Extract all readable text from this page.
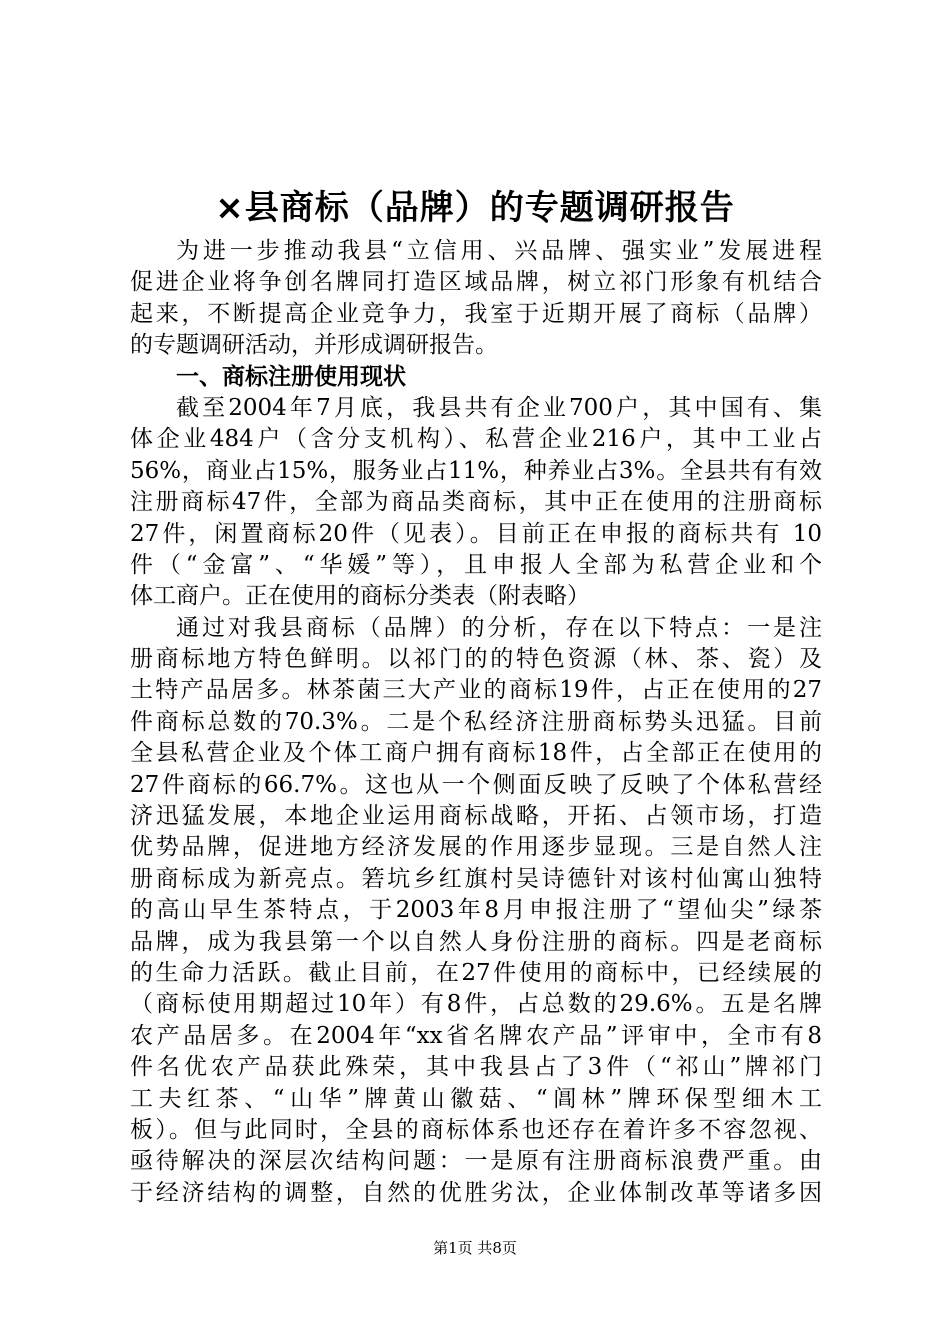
×县商标（品牌）的专题调研报告
为进一步推动我县“立信用、兴品牌、强实业”发展进程
促进企业将争创名牌同打造区域品牌，树立祁门形象有机结合
起来，不断提高企业竞争力，我室于近期开展了商标（品牌）
的专题调研活动，并形成调研报告。
一、商标注册使用现状
截至2004年7月底，我县共有企业700户，其中国有、集
体企业484户（含分支机构）、私营企业216户，其中工业占
56%，商业占15%，服务业占11%，种养业占3%。全县共有有效
注册商标47件，全部为商品类商标，其中正在使用的注册商标
27件，闲置商标20件（见表）。目前正在申报的商标共有 10
件（“金富”、“华媛”等），且申报人全部为私营企业和个
体工商户。正在使用的商标分类表（附表略）
通过对我县商标（品牌）的分析，存在以下特点：一是注
册商标地方特色鲜明。以祁门的的特色资源（林、茶、瓷）及
土特产品居多。林茶菌三大产业的商标19件，占正在使用的27
件商标总数的70.3%。二是个私经济注册商标势头迅猛。目前
全县私营企业及个体工商户拥有商标18件，占全部正在使用的
27件商标的66.7%。这也从一个侧面反映了反映了个体私营经
济迅猛发展，本地企业运用商标战略，开拓、占领市场，打造
优势品牌，促进地方经济发展的作用逐步显现。三是自然人注
册商标成为新亮点。箬坑乡红旗村吴诗德针对该村仙寓山独特
的高山早生茶特点，于2003年8月申报注册了“望仙尖”绿茶
品牌，成为我县第一个以自然人身份注册的商标。四是老商标
的生命力活跃。截止目前，在27件使用的商标中，已经续展的
（商标使用期超过10年）有8件，占总数的29.6%。五是名牌
农产品居多。在2004年“xx省名牌农产品”评审中，全市有8
件名优农产品获此殊荣，其中我县占了3件（“祁山”牌祁门
工夫红茶、“山华”牌黄山徽菇、“阊林”牌环保型细木工
板）。但与此同时，全县的商标体系也还存在着许多不容忽视、
亟待解决的深层次结构问题：一是原有注册商标浪费严重。由
于经济结构的调整，自然的优胜劣汰，企业体制改革等诸多因
第1页 共8页
